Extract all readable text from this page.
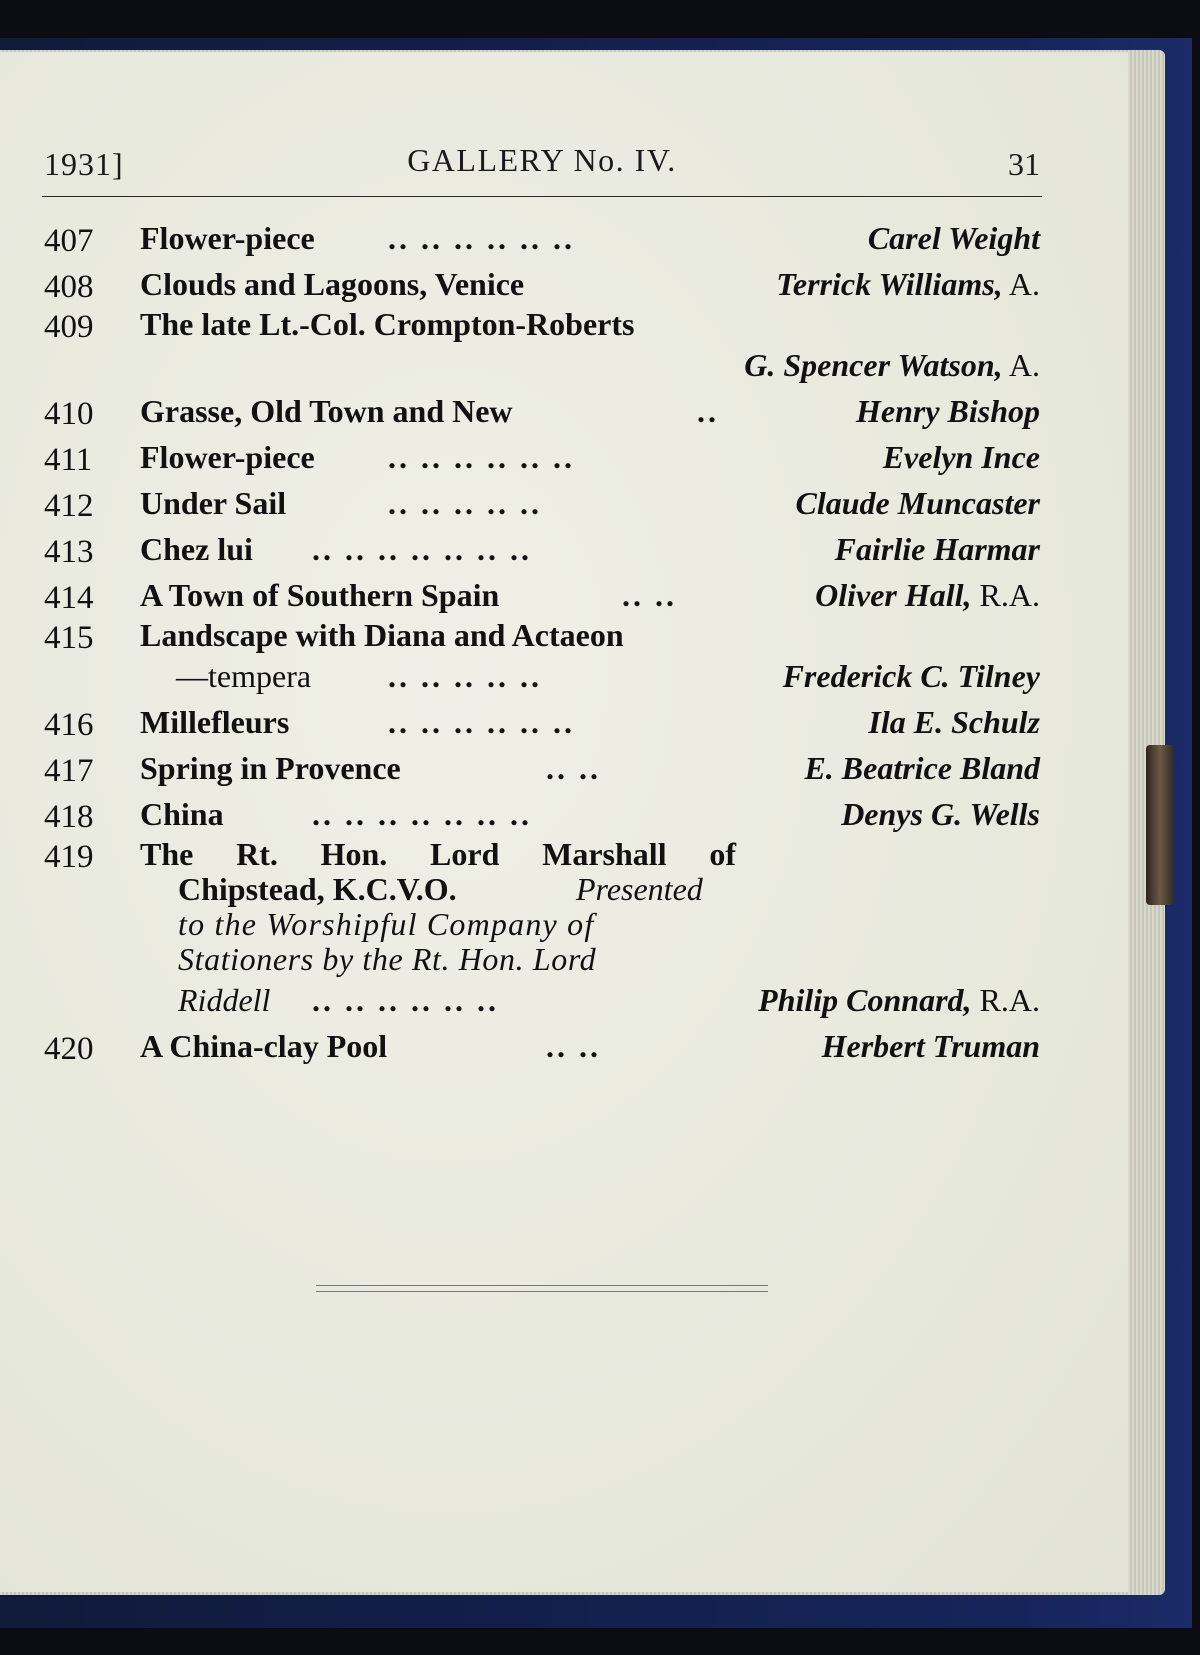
1931]	GALLERY No. IV.	31
407 Flower-piece .. .. .. .. .. ..	Carel Weight
408 Clouds and Lagoons, Venice	Terrick Williams, A.
409 The late Lt.-Col. Crompton-Roberts
G. Spencer Watson, A.
410 Grasse, Old Town and New	..	Henry Bishop
411 Flower-piece .. .. .. .. .. ..	Evelyn Ince
412 Under Sail	.. .. .. .. ..	Claude Muncaster
413 Chez lui .. .. .. .. .. .. ..	Fairlie Harmar
414 A Town of Southern Spain	.. ..	Oliver Hall, R.A.
415 Landscape with Diana and Actaeon
—tempera .. .. .. .. ..	Frederick C. Tilney
416 Millefleurs	.. .. .. .. .. ..	Ila E. Schulz
417 Spring in Provence	.. ..	E. Beatrice Bland
418 China	.. .. .. .. .. .. ..	Denys G. Wells
419 The Rt. Hon. Lord Marshall of
Chipstead, K.C.V.O.	Presented
to the Worshipful Company of
Stationers by the Rt. Hon. Lord
Riddell .. .. .. .. .. ..	Philip Connard, R.A.
420 A China-clay Pool	.. ..	Herbert Truman
